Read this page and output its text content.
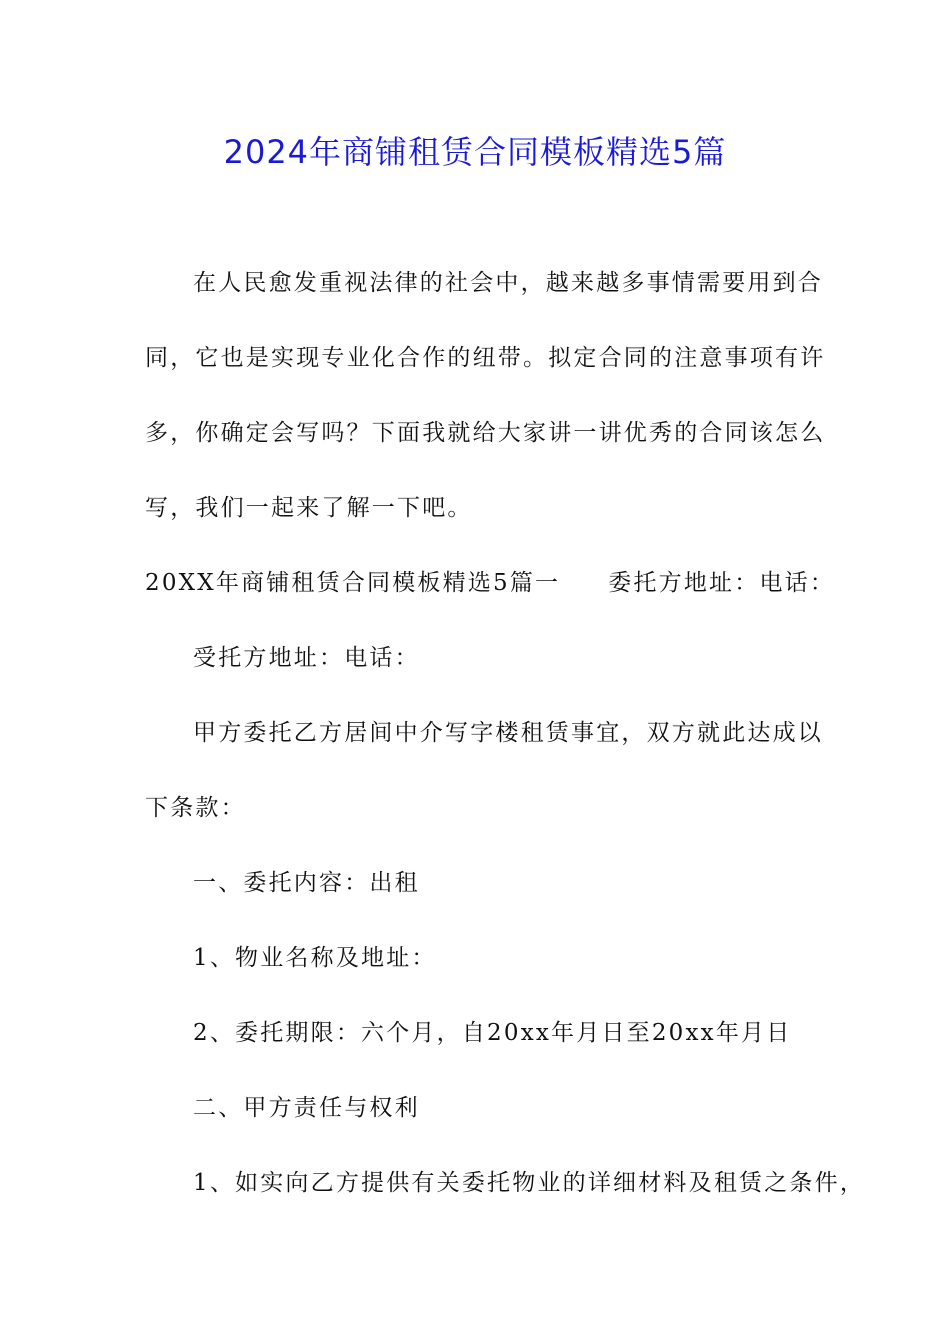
2024年商铺租赁合同模板精选5篇
在人民愈发重视法律的社会中，越来越多事情需要用到合
同，它也是实现专业化合作的纽带。拟定合同的注意事项有许
多，你确定会写吗？下面我就给大家讲一讲优秀的合同该怎么
写，我们一起来了解一下吧。
20XX年商铺租赁合同模板精选5篇一 委托方地址：电话：
受托方地址：电话：
甲方委托乙方居间中介写字楼租赁事宜，双方就此达成以
下条款：
一、委托内容：出租
1、物业名称及地址：
2、委托期限：六个月，自20xx年月日至20xx年月日
二、甲方责任与权利
1、如实向乙方提供有关委托物业的详细材料及租赁之条件，
